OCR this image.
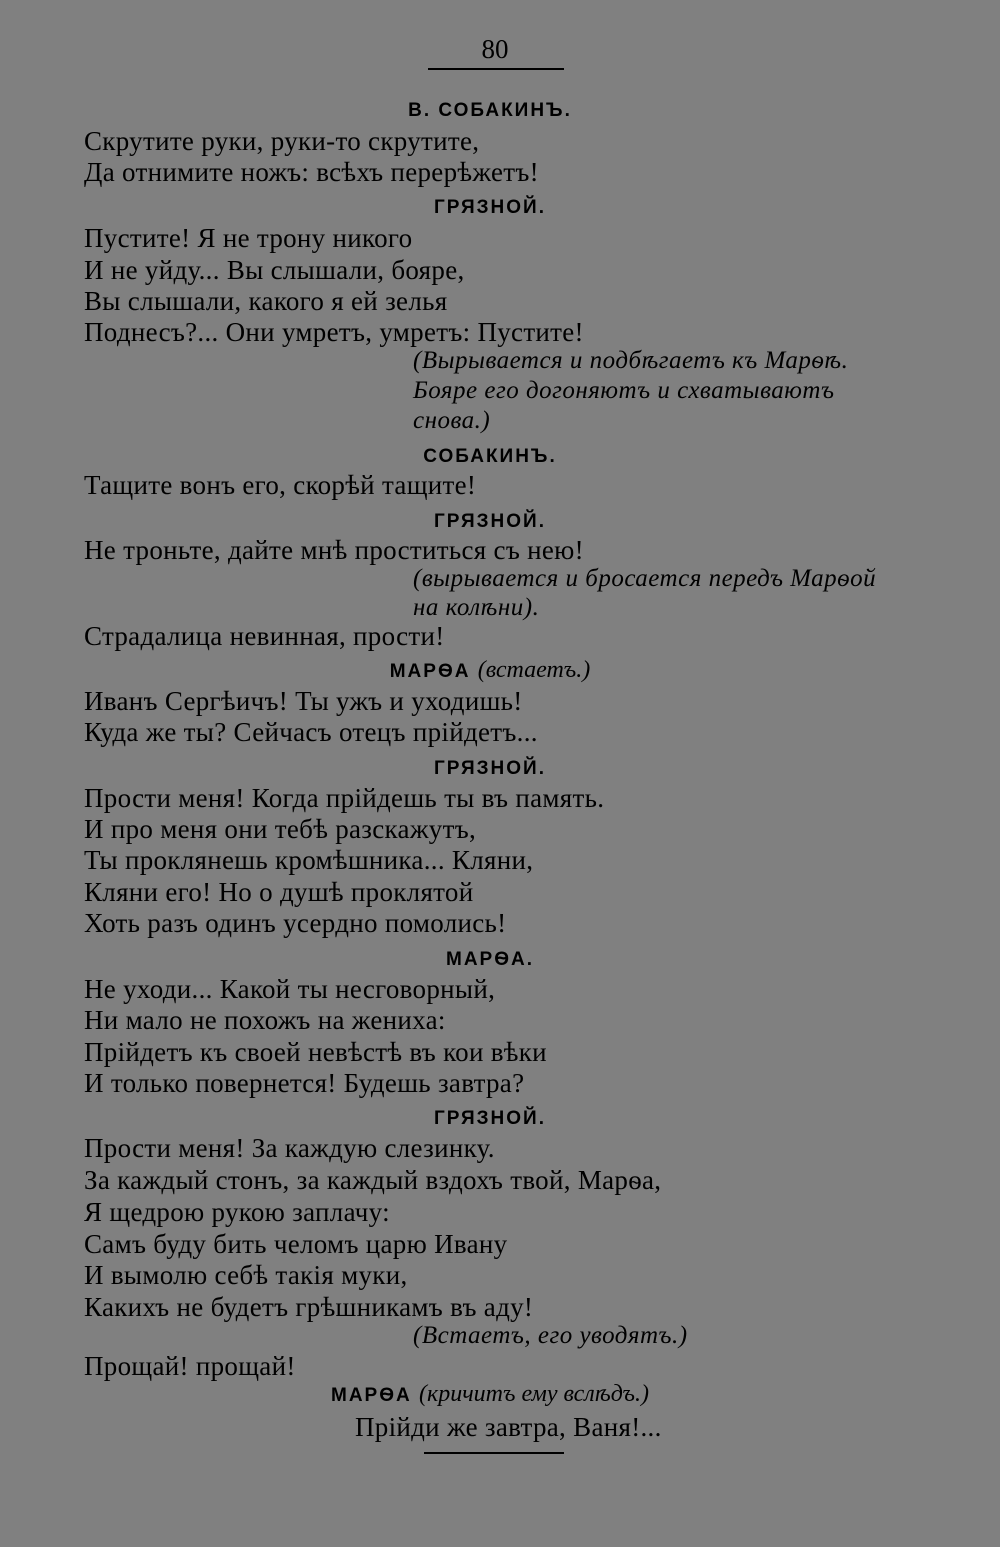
80
В. СОБАКИНЪ.
Скрутите руки, руки-то скрутите,
Да отнимите ножъ: всѣхъ перерѣжетъ!
ГРЯЗНОЙ.
Пустите! Я не трону никого
И не уйду... Вы слышали, бояре,
Вы слышали, какого я ей зелья
Поднесъ?... Они умретъ, умретъ: Пустите!
(Вырывается и подбѣгаетъ къ Марѳѣ.
Бояре его догоняютъ и схватываютъ
снова.)
СОБАКИНЪ.
Тащите вонъ его, скорѣй тащите!
ГРЯЗНОЙ.
Не троньте, дайте мнѣ проститься съ нею!
(вырывается и бросается передъ Марѳой
на колѣни).
Страдалица невинная, прости!
МАРѲА (встаетъ.)
Иванъ Сергѣичъ! Ты ужъ и уходишь!
Куда же ты? Сейчасъ отецъ прійдетъ...
ГРЯЗНОЙ.
Прости меня! Когда прійдешь ты въ память.
И про меня они тебѣ разскажутъ,
Ты проклянешь кромѣшника... Кляни,
Кляни его! Но о душѣ проклятой
Хоть разъ одинъ усердно помолись!
МАРѲА.
Не уходи... Какой ты несговорный,
Ни мало не похожъ на жениха:
Прійдетъ къ своей невѣстѣ въ кои вѣки
И только повернется! Будешь завтра?
ГРЯЗНОЙ.
Прости меня! За каждую слезинку.
За каждый стонъ, за каждый вздохъ твой, Марѳа,
Я щедрою рукою заплачу:
Самъ буду бить челомъ царю Ивану
И вымолю себѣ такія муки,
Какихъ не будетъ грѣшникамъ въ аду!
(Встаетъ, его уводятъ.)
Прощай! прощай!
МАРѲА (кричитъ ему вслѣдъ.)
Прійди же завтра, Ваня!...
